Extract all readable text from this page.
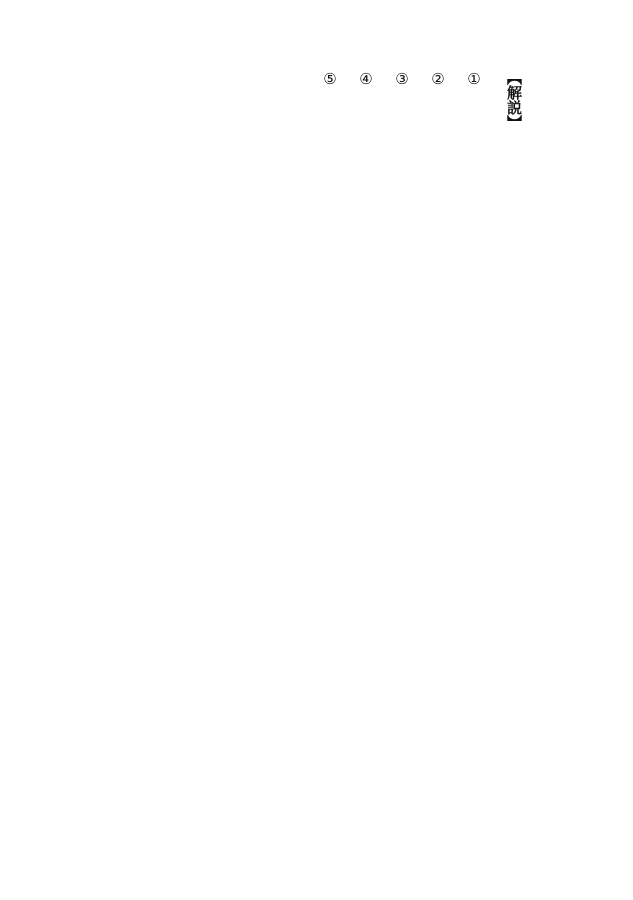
【解説】
①
②
③
④
⑤
